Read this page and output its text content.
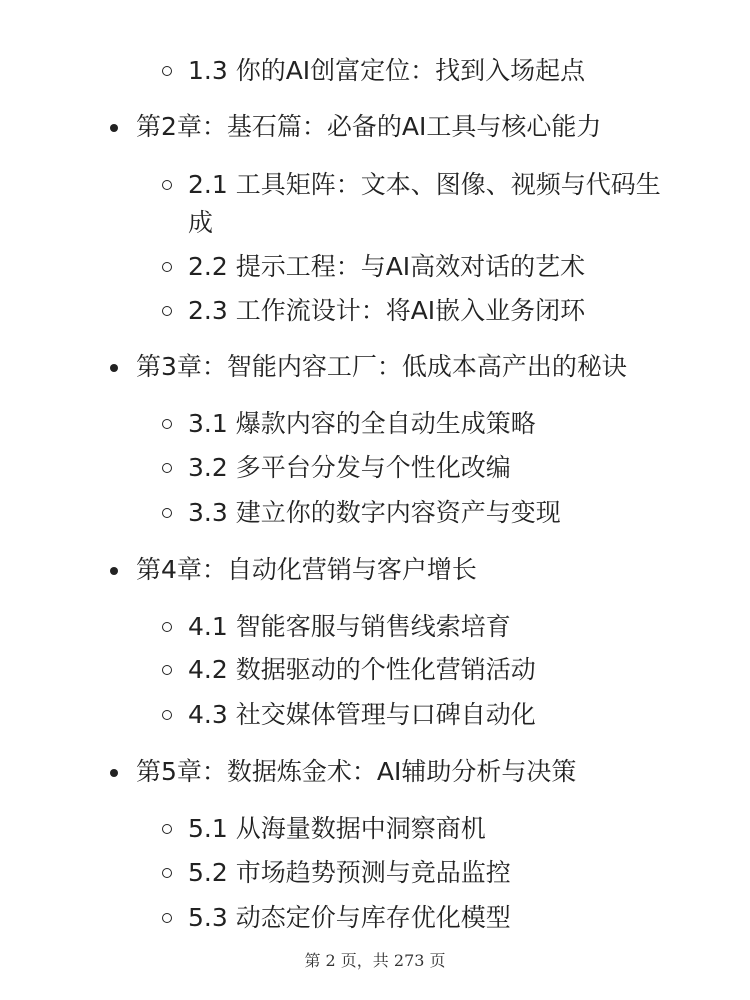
1.3 你的AI创富定位：找到入场起点
第2章：基石篇：必备的AI工具与核心能力
2.1 工具矩阵：文本、图像、视频与代码生成
2.2 提示工程：与AI高效对话的艺术
2.3 工作流设计：将AI嵌入业务闭环
第3章：智能内容工厂：低成本高产出的秘诀
3.1 爆款内容的全自动生成策略
3.2 多平台分发与个性化改编
3.3 建立你的数字内容资产与变现
第4章：自动化营销与客户增长
4.1 智能客服与销售线索培育
4.2 数据驱动的个性化营销活动
4.3 社交媒体管理与口碑自动化
第5章：数据炼金术：AI辅助分析与决策
5.1 从海量数据中洞察商机
5.2 市场趋势预测与竞品监控
5.3 动态定价与库存优化模型
第 2 页，共 273 页
